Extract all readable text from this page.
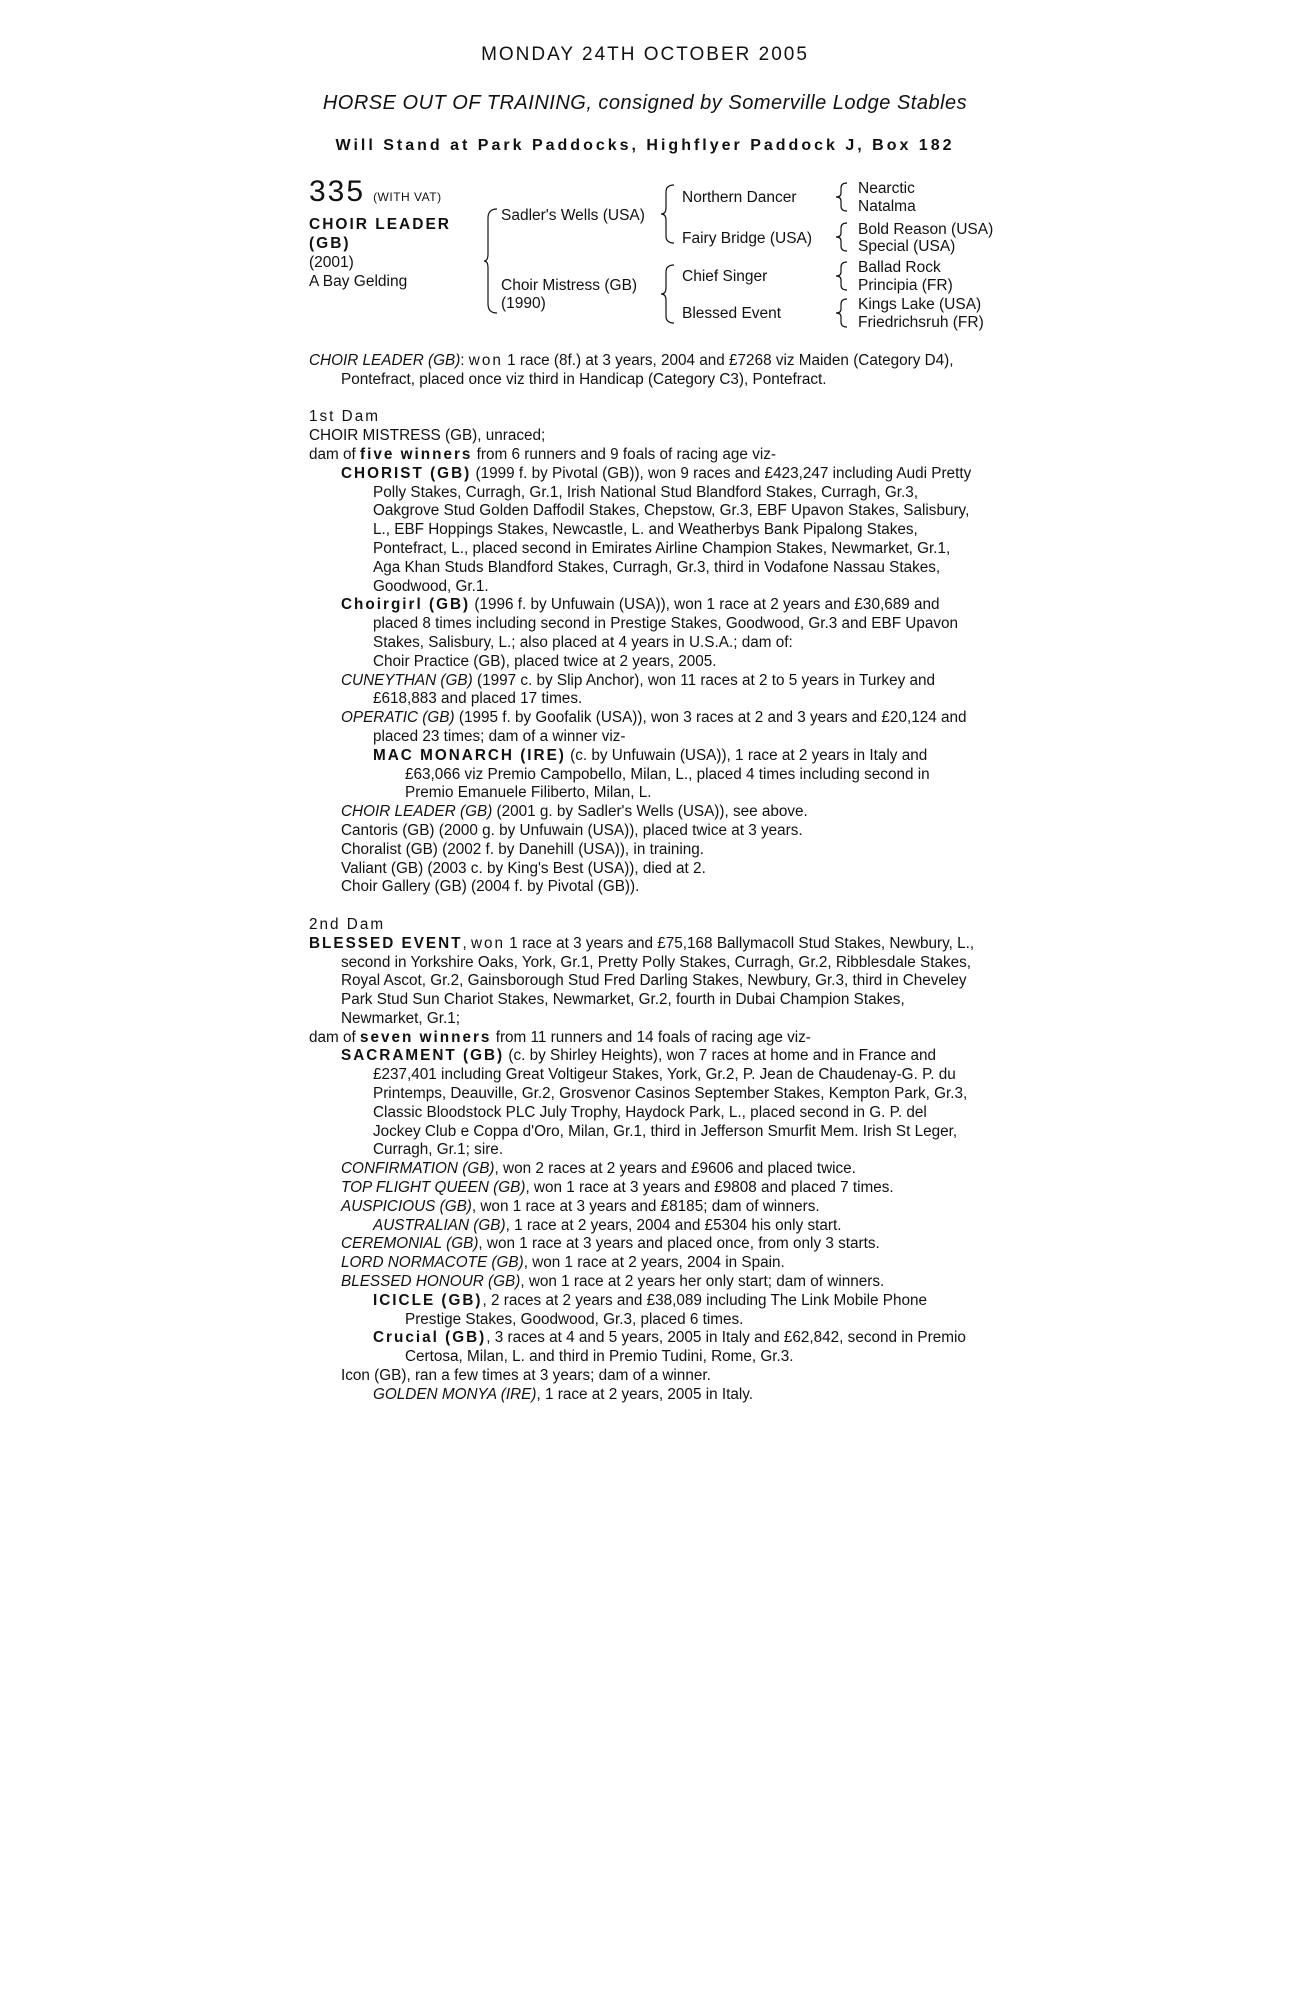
MONDAY 24TH OCTOBER 2005
HORSE OUT OF TRAINING, consigned by Somerville Lodge Stables
Will Stand at Park Paddocks, Highflyer Paddock J, Box 182
335 (WITH VAT)
CHOIR LEADER
(GB)
(2001)
A Bay Gelding
Sadler's Wells (USA)
Choir Mistress (GB)
(1990)
Northern Dancer
Fairy Bridge (USA)
Chief Singer
Blessed Event
Nearctic
Natalma
Bold Reason (USA)
Special (USA)
Ballad Rock
Principia (FR)
Kings Lake (USA)
Friedrichsruh (FR)

CHOIR LEADER (GB): won 1 race (8f.) at 3 years, 2004 and £7268 viz Maiden (Category D4), Pontefract, placed once viz third in Handicap (Category C3), Pontefract.

1st Dam

CHOIR MISTRESS (GB), unraced;

dam of five winners from 6 runners and 9 foals of racing age viz-

CHORIST (GB) (1999 f. by Pivotal (GB)), won 9 races and £423,247 including Audi Pretty Polly Stakes, Curragh, Gr.1, Irish National Stud Blandford Stakes, Curragh, Gr.3, Oakgrove Stud Golden Daffodil Stakes, Chepstow, Gr.3, EBF Upavon Stakes, Salisbury, L., EBF Hoppings Stakes, Newcastle, L. and Weatherbys Bank Pipalong Stakes, Pontefract, L., placed second in Emirates Airline Champion Stakes, Newmarket, Gr.1, Aga Khan Studs Blandford Stakes, Curragh, Gr.3, third in Vodafone Nassau Stakes, Goodwood, Gr.1.

Choirgirl (GB) (1996 f. by Unfuwain (USA)), won 1 race at 2 years and £30,689 and placed 8 times including second in Prestige Stakes, Goodwood, Gr.3 and EBF Upavon Stakes, Salisbury, L.; also placed at 4 years in U.S.A.; dam of:

Choir Practice (GB), placed twice at 2 years, 2005.

CUNEYTHAN (GB) (1997 c. by Slip Anchor), won 11 races at 2 to 5 years in Turkey and £618,883 and placed 17 times.

OPERATIC (GB) (1995 f. by Goofalik (USA)), won 3 races at 2 and 3 years and £20,124 and placed 23 times; dam of a winner viz-

MAC MONARCH (IRE) (c. by Unfuwain (USA)), 1 race at 2 years in Italy and £63,066 viz Premio Campobello, Milan, L., placed 4 times including second in Premio Emanuele Filiberto, Milan, L.

CHOIR LEADER (GB) (2001 g. by Sadler's Wells (USA)), see above.

Cantoris (GB) (2000 g. by Unfuwain (USA)), placed twice at 3 years.

Choralist (GB) (2002 f. by Danehill (USA)), in training.

Valiant (GB) (2003 c. by King's Best (USA)), died at 2.

Choir Gallery (GB) (2004 f. by Pivotal (GB)).

2nd Dam

BLESSED EVENT, won 1 race at 3 years and £75,168 Ballymacoll Stud Stakes, Newbury, L., second in Yorkshire Oaks, York, Gr.1, Pretty Polly Stakes, Curragh, Gr.2, Ribblesdale Stakes, Royal Ascot, Gr.2, Gainsborough Stud Fred Darling Stakes, Newbury, Gr.3, third in Cheveley Park Stud Sun Chariot Stakes, Newmarket, Gr.2, fourth in Dubai Champion Stakes, Newmarket, Gr.1;

dam of seven winners from 11 runners and 14 foals of racing age viz-

SACRAMENT (GB) (c. by Shirley Heights), won 7 races at home and in France and £237,401 including Great Voltigeur Stakes, York, Gr.2, P. Jean de Chaudenay-G. P. du Printemps, Deauville, Gr.2, Grosvenor Casinos September Stakes, Kempton Park, Gr.3, Classic Bloodstock PLC July Trophy, Haydock Park, L., placed second in G. P. del Jockey Club e Coppa d'Oro, Milan, Gr.1, third in Jefferson Smurfit Mem. Irish St Leger, Curragh, Gr.1; sire.

CONFIRMATION (GB), won 2 races at 2 years and £9606 and placed twice.

TOP FLIGHT QUEEN (GB), won 1 race at 3 years and £9808 and placed 7 times.

AUSPICIOUS (GB), won 1 race at 3 years and £8185; dam of winners.

AUSTRALIAN (GB), 1 race at 2 years, 2004 and £5304 his only start.

CEREMONIAL (GB), won 1 race at 3 years and placed once, from only 3 starts.

LORD NORMACOTE (GB), won 1 race at 2 years, 2004 in Spain.

BLESSED HONOUR (GB), won 1 race at 2 years her only start; dam of winners.

ICICLE (GB), 2 races at 2 years and £38,089 including The Link Mobile Phone Prestige Stakes, Goodwood, Gr.3, placed 6 times.

Crucial (GB), 3 races at 4 and 5 years, 2005 in Italy and £62,842, second in Premio Certosa, Milan, L. and third in Premio Tudini, Rome, Gr.3.

Icon (GB), ran a few times at 3 years; dam of a winner.

GOLDEN MONYA (IRE), 1 race at 2 years, 2005 in Italy.
